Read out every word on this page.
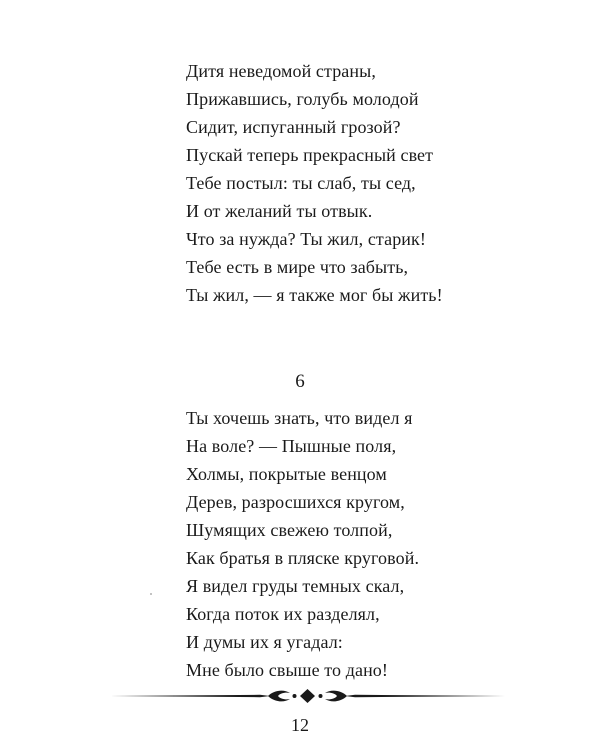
Дитя неведомой страны,
Прижавшись, голубь молодой
Сидит, испуганный грозой?
Пускай теперь прекрасный свет
Тебе постыл: ты слаб, ты сед,
И от желаний ты отвык.
Что за нужда? Ты жил, старик!
Тебе есть в мире что забыть,
Ты жил, — я также мог бы жить!
6
Ты хочешь знать, что видел я
На воле? — Пышные поля,
Холмы, покрытые венцом
Дерев, разросшихся кругом,
Шумящих свежею толпой,
Как братья в пляске круговой.
Я видел груды темных скал,
Когда поток их разделял,
И думы их я угадал:
Мне было свыше то дано!
12
